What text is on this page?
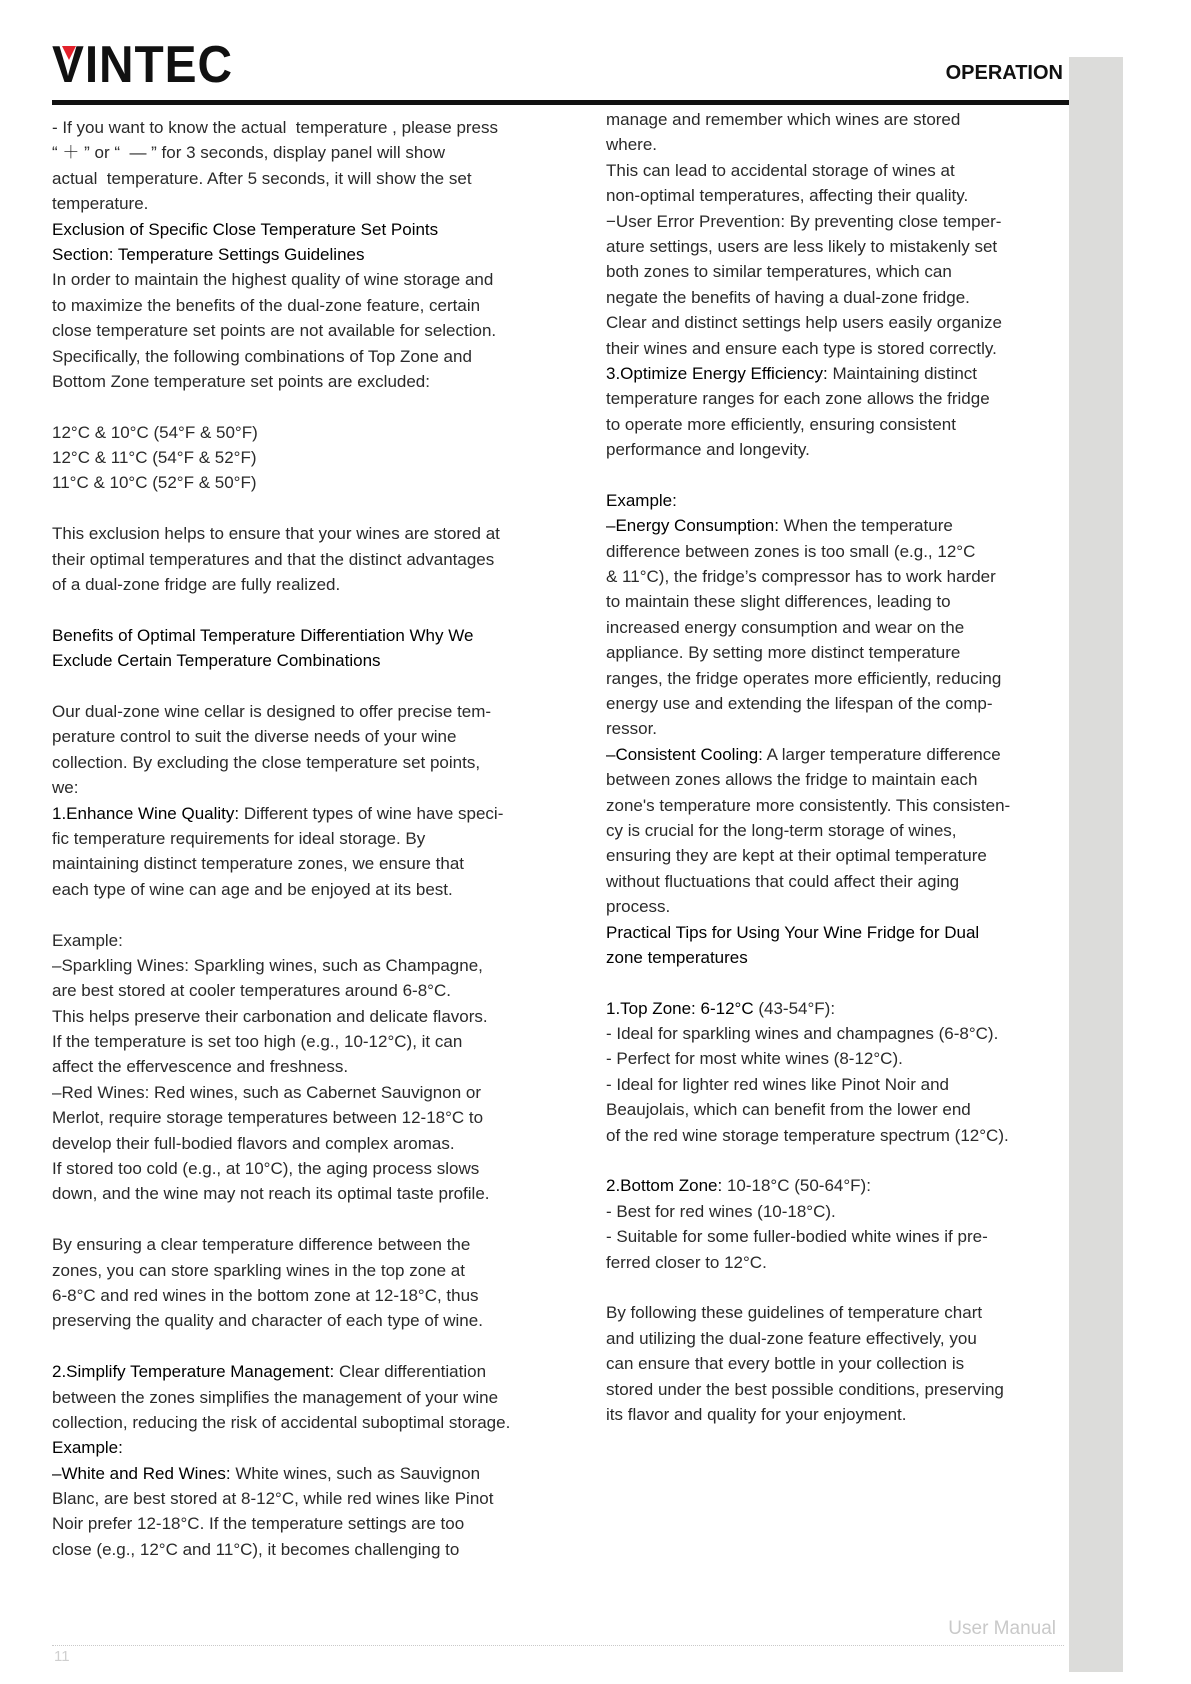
VINTEC	OPERATION
- If you want to know the actual  temperature , please press
“ ＋ ” or “  — ” for 3 seconds, display panel will show
actual  temperature. After 5 seconds, it will show the set
temperature.
Exclusion of Specific Close Temperature Set Points
Section: Temperature Settings Guidelines
In order to maintain the highest quality of wine storage and
to maximize the benefits of the dual-zone feature, certain
close temperature set points are not available for selection.
Specifically, the following combinations of Top Zone and
Bottom Zone temperature set points are excluded:
12°C & 10°C (54°F & 50°F)
12°C & 11°C (54°F & 52°F)
11°C & 10°C (52°F & 50°F)
This exclusion helps to ensure that your wines are stored at
their optimal temperatures and that the distinct advantages
of a dual-zone fridge are fully realized.
Benefits of Optimal Temperature Differentiation Why We
Exclude Certain Temperature Combinations
Our dual-zone wine cellar is designed to offer precise tem-
perature control to suit the diverse needs of your wine
collection. By excluding the close temperature set points,
we:
1.Enhance Wine Quality: Different types of wine have speci-
fic temperature requirements for ideal storage. By
maintaining distinct temperature zones, we ensure that
each type of wine can age and be enjoyed at its best.
Example:
–Sparkling Wines: Sparkling wines, such as Champagne,
are best stored at cooler temperatures around 6-8°C.
This helps preserve their carbonation and delicate flavors.
If the temperature is set too high (e.g., 10-12°C), it can
affect the effervescence and freshness.
–Red Wines: Red wines, such as Cabernet Sauvignon or
Merlot, require storage temperatures between 12-18°C to
develop their full-bodied flavors and complex aromas.
If stored too cold (e.g., at 10°C), the aging process slows
down, and the wine may not reach its optimal taste profile.
By ensuring a clear temperature difference between the
zones, you can store sparkling wines in the top zone at
6-8°C and red wines in the bottom zone at 12-18°C, thus
preserving the quality and character of each type of wine.
2.Simplify Temperature Management: Clear differentiation
between the zones simplifies the management of your wine
collection, reducing the risk of accidental suboptimal storage.
Example:
–White and Red Wines: White wines, such as Sauvignon
Blanc, are best stored at 8-12°C, while red wines like Pinot
Noir prefer 12-18°C. If the temperature settings are too
close (e.g., 12°C and 11°C), it becomes challenging to
manage and remember which wines are stored
where.
This can lead to accidental storage of wines at
non-optimal temperatures, affecting their quality.
−User Error Prevention: By preventing close temper-
ature settings, users are less likely to mistakenly set
both zones to similar temperatures, which can
negate the benefits of having a dual-zone fridge.
Clear and distinct settings help users easily organize
their wines and ensure each type is stored correctly.
3.Optimize Energy Efficiency: Maintaining distinct
temperature ranges for each zone allows the fridge
to operate more efficiently, ensuring consistent
performance and longevity.
Example:
–Energy Consumption: When the temperature
difference between zones is too small (e.g., 12°C
& 11°C), the fridge’s compressor has to work harder
to maintain these slight differences, leading to
increased energy consumption and wear on the
appliance. By setting more distinct temperature
ranges, the fridge operates more efficiently, reducing
energy use and extending the lifespan of the comp-
ressor.
–Consistent Cooling: A larger temperature difference
between zones allows the fridge to maintain each
zone's temperature more consistently. This consisten-
cy is crucial for the long-term storage of wines,
ensuring they are kept at their optimal temperature
without fluctuations that could affect their aging
process.
Practical Tips for Using Your Wine Fridge for Dual
zone temperatures
1.Top Zone: 6-12°C (43-54°F):
- Ideal for sparkling wines and champagnes (6-8°C).
- Perfect for most white wines (8-12°C).
- Ideal for lighter red wines like Pinot Noir and
Beaujolais, which can benefit from the lower end
of the red wine storage temperature spectrum (12°C).
2.Bottom Zone: 10-18°C (50-64°F):
- Best for red wines (10-18°C).
- Suitable for some fuller-bodied white wines if pre-
ferred closer to 12°C.
By following these guidelines of temperature chart
and utilizing the dual-zone feature effectively, you
can ensure that every bottle in your collection is
stored under the best possible conditions, preserving
its flavor and quality for your enjoyment.
User Manual
11
